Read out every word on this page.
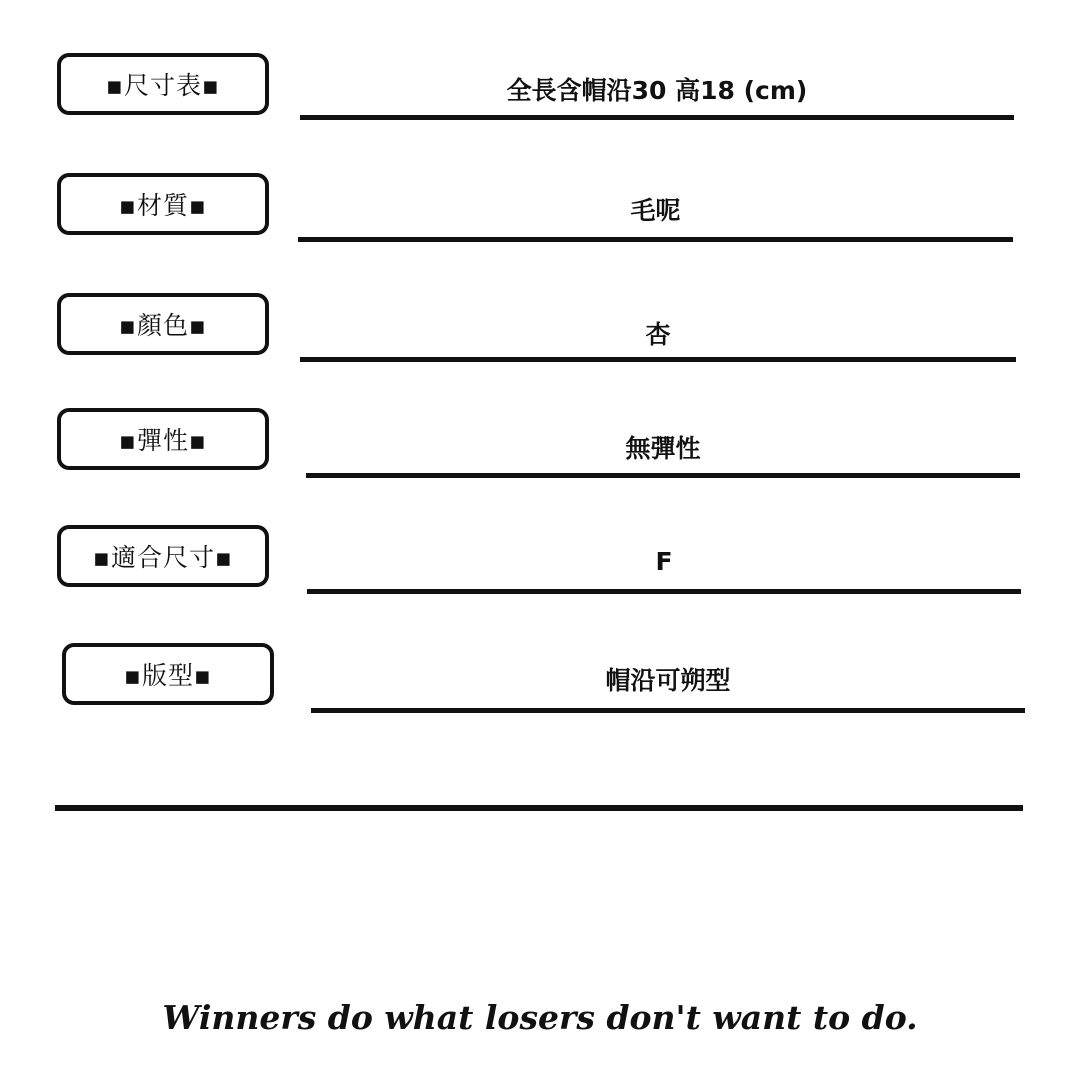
▪尺寸表▪	全長含帽沿30 高18 (cm)
▪材質▪	毛呢
▪顏色▪	杏
▪彈性▪	無彈性
▪適合尺寸▪	F
▪版型▪	帽沿可朔型
Winners do what losers don't want to do.
